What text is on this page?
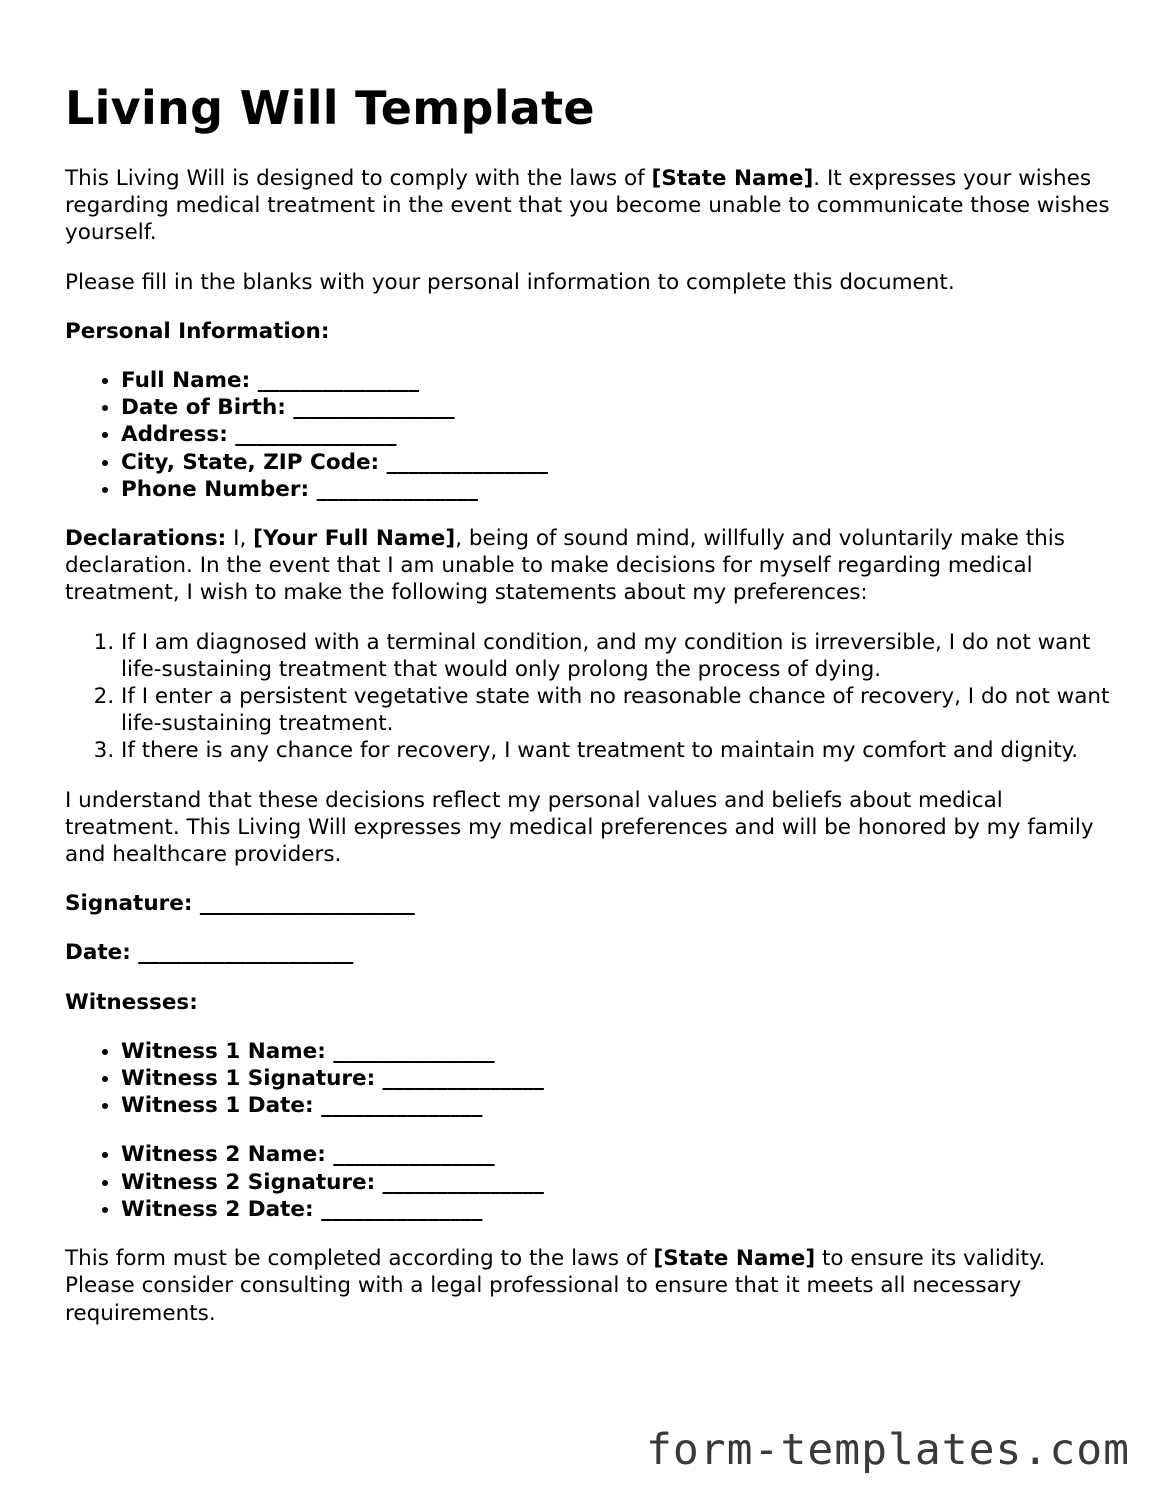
Living Will Template

This Living Will is designed to comply with the laws of [State Name]. It expresses your wishes regarding medical treatment in the event that you become unable to communicate those wishes yourself.

Please fill in the blanks with your personal information to complete this document.

Personal Information:

• Full Name: _______________
• Date of Birth: _______________
• Address: _______________
• City, State, ZIP Code: _______________
• Phone Number: _______________

Declarations: I, [Your Full Name], being of sound mind, willfully and voluntarily make this declaration. In the event that I am unable to make decisions for myself regarding medical treatment, I wish to make the following statements about my preferences:

1. If I am diagnosed with a terminal condition, and my condition is irreversible, I do not want life-sustaining treatment that would only prolong the process of dying.
2. If I enter a persistent vegetative state with no reasonable chance of recovery, I do not want life-sustaining treatment.
3. If there is any chance for recovery, I want treatment to maintain my comfort and dignity.

I understand that these decisions reflect my personal values and beliefs about medical treatment. This Living Will expresses my medical preferences and will be honored by my family and healthcare providers.

Signature: ____________________

Date: ____________________

Witnesses:

• Witness 1 Name: _______________
• Witness 1 Signature: _______________
• Witness 1 Date: _______________
• Witness 2 Name: _______________
• Witness 2 Signature: _______________
• Witness 2 Date: _______________

This form must be completed according to the laws of [State Name] to ensure its validity. Please consider consulting with a legal professional to ensure that it meets all necessary requirements.

form-templates.com
